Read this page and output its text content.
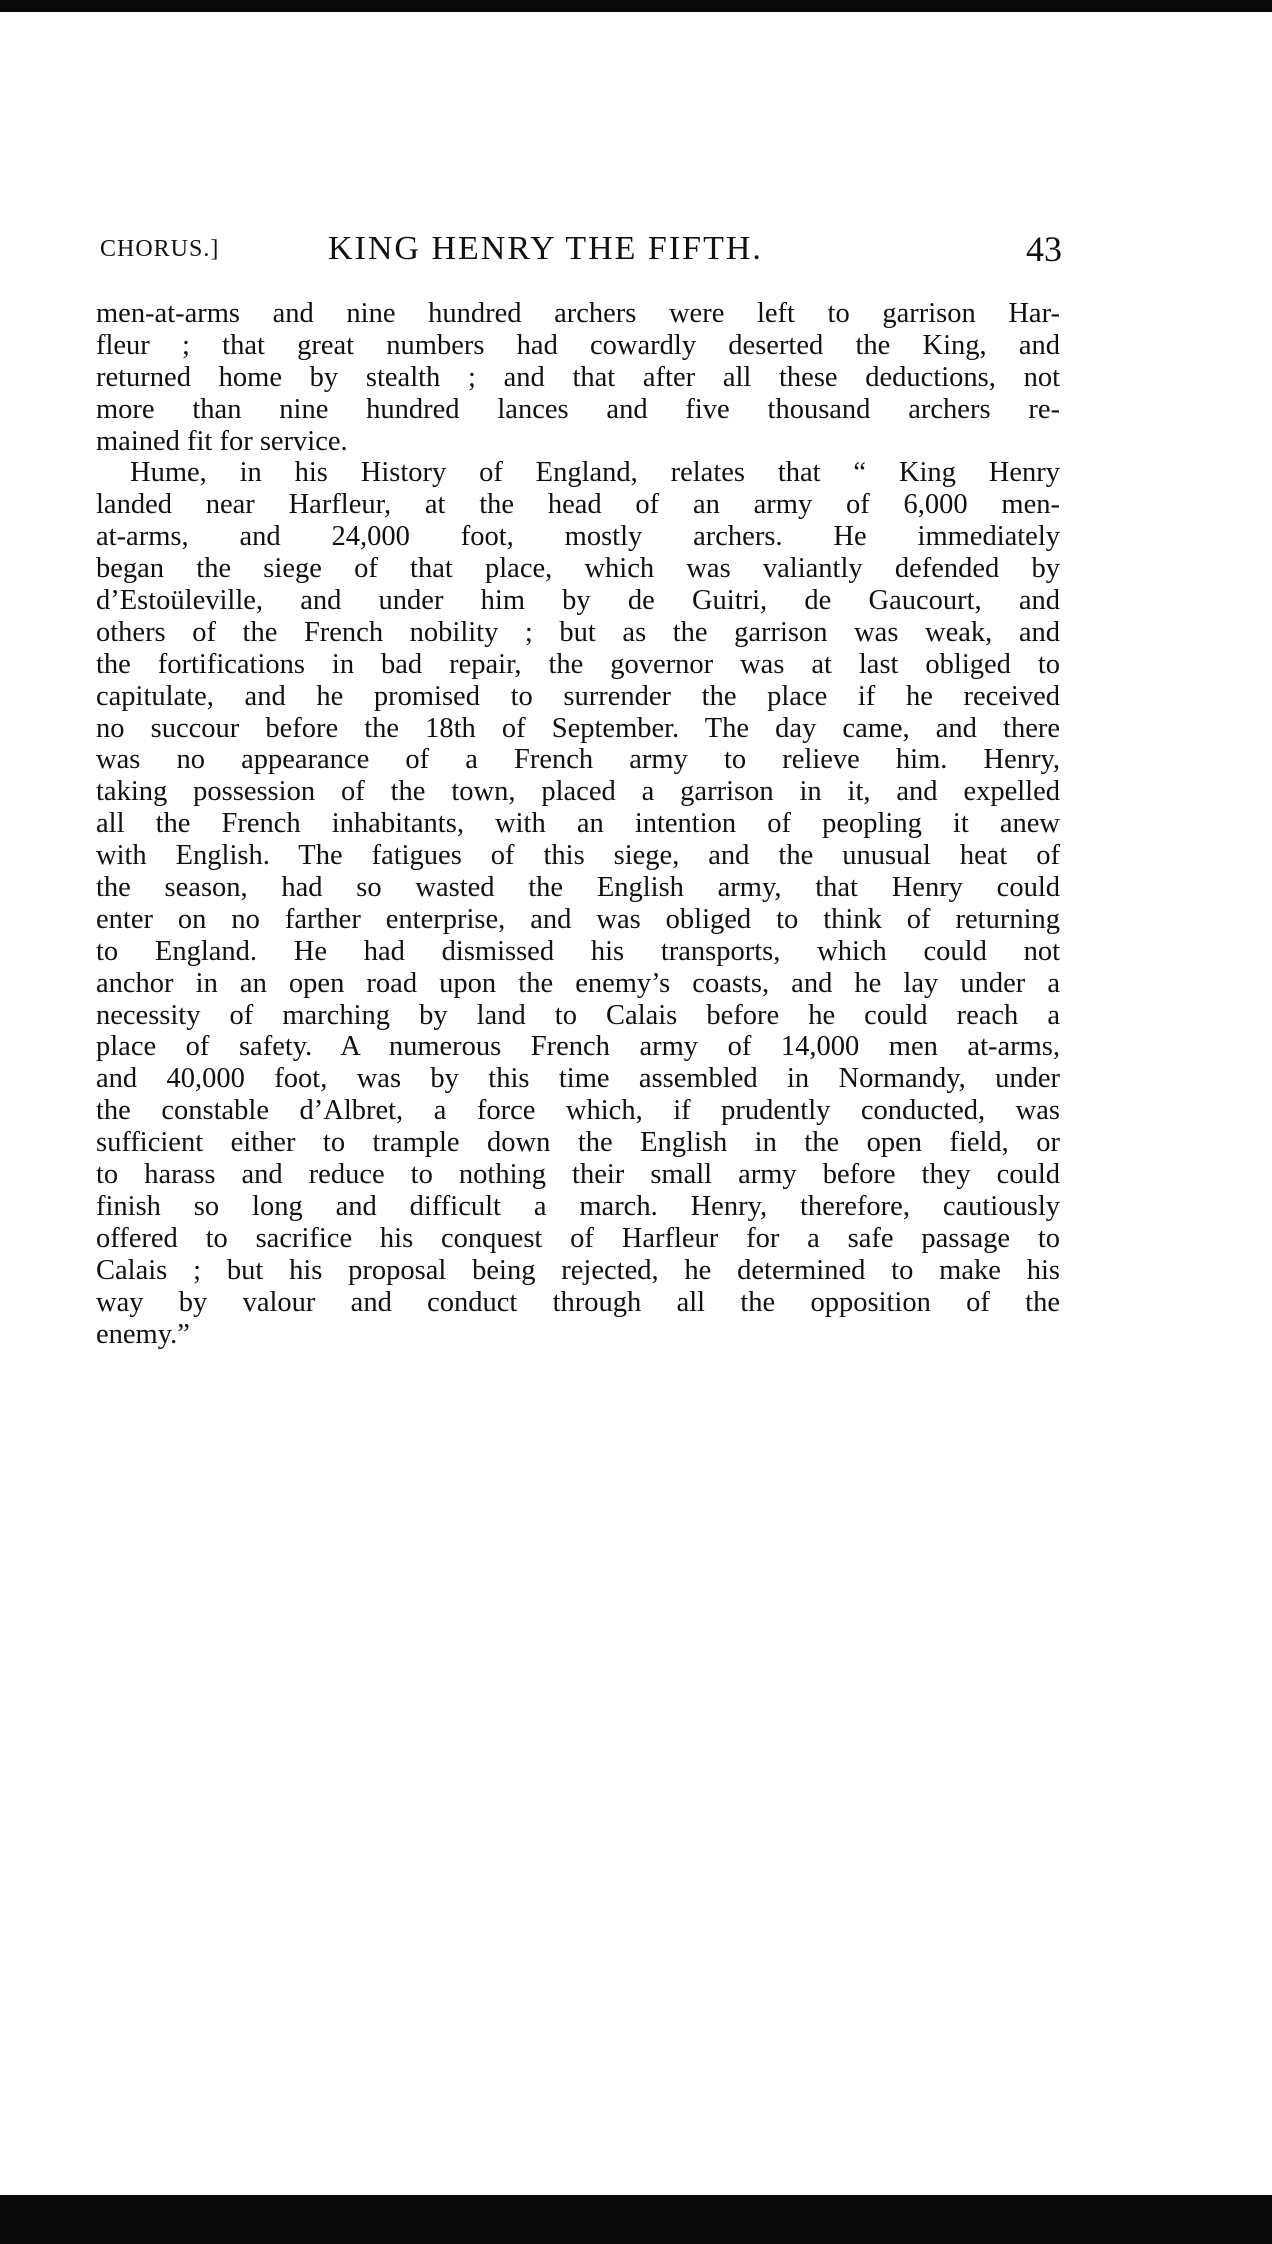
CHORUS.]	KING HENRY THE FIFTH.	43
men-at-arms and nine hundred archers were left to garrison Har-
fleur ; that great numbers had cowardly deserted the King, and
returned home by stealth ; and that after all these deductions, not
more than nine hundred lances and five thousand archers re-
mained fit for service.
Hume, in his History of England, relates that “ King Henry
landed near Harfleur, at the head of an army of 6,000 men-
at-arms, and 24,000 foot, mostly archers. He immediately
began the siege of that place, which was valiantly defended by
d’Estoüleville, and under him by de Guitri, de Gaucourt, and
others of the French nobility ; but as the garrison was weak, and
the fortifications in bad repair, the governor was at last obliged to
capitulate, and he promised to surrender the place if he received
no succour before the 18th of September. The day came, and there
was no appearance of a French army to relieve him. Henry,
taking possession of the town, placed a garrison in it, and expelled
all the French inhabitants, with an intention of peopling it anew
with English. The fatigues of this siege, and the unusual heat of
the season, had so wasted the English army, that Henry could
enter on no farther enterprise, and was obliged to think of returning
to England. He had dismissed his transports, which could not
anchor in an open road upon the enemy’s coasts, and he lay under a
necessity of marching by land to Calais before he could reach a
place of safety. A numerous French army of 14,000 men at-arms,
and 40,000 foot, was by this time assembled in Normandy, under
the constable d’Albret, a force which, if prudently conducted, was
sufficient either to trample down the English in the open field, or
to harass and reduce to nothing their small army before they could
finish so long and difficult a march. Henry, therefore, cautiously
offered to sacrifice his conquest of Harfleur for a safe passage to
Calais ; but his proposal being rejected, he determined to make his
way by valour and conduct through all the opposition of the
enemy.”
